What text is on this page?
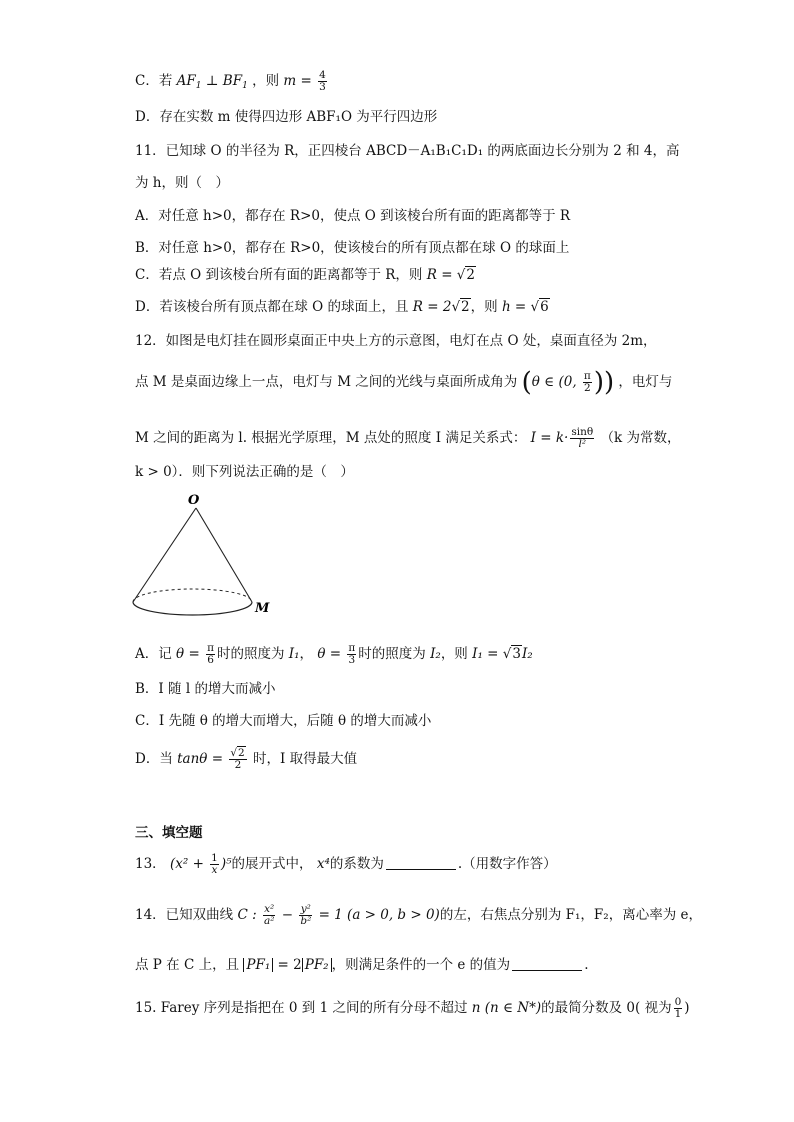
C．若 $AF_1$ ⊥ $BF_1$ ，则 $m = \frac{4}{3}$
D．存在实数 m 使得四边形 ABF₁O 为平行四边形
11．已知球 O 的半径为 R，正四棱台 ABCD－A₁B₁C₁D₁ 的两底面边长分别为 2 和 4，高
为 h，则（　）
A．对任意 h>0，都存在 R>0，使点 O 到该棱台所有面的距离都等于 R
B．对任意 h>0，都存在 R>0，使该棱台的所有顶点都在球 O 的球面上
C．若点 O 到该棱台所有面的距离都等于 R，则 R = √2
D．若该棱台所有顶点都在球 O 的球面上，且 R = 2√2，则 h = √6
12．如图是电灯挂在圆形桌面正中央上方的示意图，电灯在点 O 处，桌面直径为 2m，
点 M 是桌面边缘上一点，电灯与 M 之间的光线与桌面所成角为 (θ ∈ (0, $\frac{\pi}{2}$ )) ，电灯与
M 之间的距离为 l. 根据光学原理，M 点处的照度 I 满足关系式： $I = k\cdot \frac{\sin\theta}{\text{l²}} (k$ 为常数，
k > 0）．则下列说法正确的是（　）
O
M
A．记 $\theta = \frac{\pi}{6}$ 时的照度为 I₁， $\theta = \frac{\pi}{3}$ 时的照度为 I₂，则 I₁ = √3I₂
B．I 随 l 的增大而减小
C．I 先随 θ 的增大而增大，后随 θ 的增大而减小
D．当 $\tan\theta = \frac{√2}{2}$ 时，I 取得最大值
三、填空题
13． $(x^2 + \frac{1}{x} )^5$的展开式中， x⁴的系数为	.（用数字作答）
14．已知双曲线 C : $\frac{\text{x²}}{\text{a²}} - \frac{\text{y²}}{\text{b²}} = 1$ (a > 0, b > 0)的左，右焦点分别为 F₁，F₂，离心率为 e，
点 P 在 C 上，且 PF₁ = 2 PF₂ ，则满足条件的一个 e 的值为	.
15. Farey 序列是指把在 0 到 1 之间的所有分母不超过 n (n ∈ N*)的最简分数及 0( 视为 $\frac{0}{1}$ )
